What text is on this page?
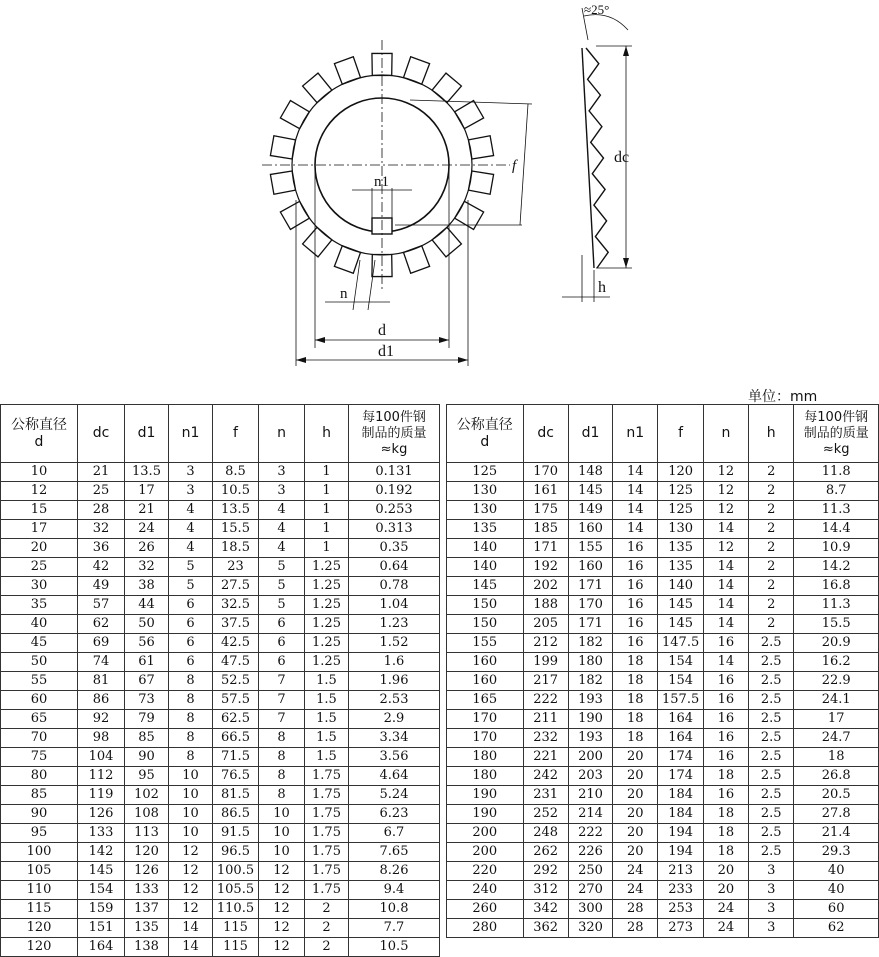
n1
f
n
d
d1
dc
h
≈25°
单位：mm
公称直径
d	dc	d1	n1	f	n	h	每100件钢
制品的质量
≈kg
10	21	13.5	3	8.5	3	1	0.131
12	25	17	3	10.5	3	1	0.192
15	28	21	4	13.5	4	1	0.253
17	32	24	4	15.5	4	1	0.313
20	36	26	4	18.5	4	1	0.35
25	42	32	5	23	5	1.25	0.64
30	49	38	5	27.5	5	1.25	0.78
35	57	44	6	32.5	5	1.25	1.04
40	62	50	6	37.5	6	1.25	1.23
45	69	56	6	42.5	6	1.25	1.52
50	74	61	6	47.5	6	1.25	1.6
55	81	67	8	52.5	7	1.5	1.96
60	86	73	8	57.5	7	1.5	2.53
65	92	79	8	62.5	7	1.5	2.9
70	98	85	8	66.5	8	1.5	3.34
75	104	90	8	71.5	8	1.5	3.56
80	112	95	10	76.5	8	1.75	4.64
85	119	102	10	81.5	8	1.75	5.24
90	126	108	10	86.5	10	1.75	6.23
95	133	113	10	91.5	10	1.75	6.7
100	142	120	12	96.5	10	1.75	7.65
105	145	126	12	100.5	12	1.75	8.26
110	154	133	12	105.5	12	1.75	9.4
115	159	137	12	110.5	12	2	10.8
120	151	135	14	115	12	2	7.7
120	164	138	14	115	12	2	10.5
公称直径
d	dc	d1	n1	f	n	h	每100件钢
制品的质量
≈kg
125	170	148	14	120	12	2	11.8
130	161	145	14	125	12	2	8.7
130	175	149	14	125	12	2	11.3
135	185	160	14	130	14	2	14.4
140	171	155	16	135	12	2	10.9
140	192	160	16	135	14	2	14.2
145	202	171	16	140	14	2	16.8
150	188	170	16	145	14	2	11.3
150	205	171	16	145	14	2	15.5
155	212	182	16	147.5	16	2.5	20.9
160	199	180	18	154	14	2.5	16.2
160	217	182	18	154	16	2.5	22.9
165	222	193	18	157.5	16	2.5	24.1
170	211	190	18	164	16	2.5	17
170	232	193	18	164	16	2.5	24.7
180	221	200	20	174	16	2.5	18
180	242	203	20	174	18	2.5	26.8
190	231	210	20	184	16	2.5	20.5
190	252	214	20	184	18	2.5	27.8
200	248	222	20	194	18	2.5	21.4
200	262	226	20	194	18	2.5	29.3
220	292	250	24	213	20	3	40
240	312	270	24	233	20	3	40
260	342	300	28	253	24	3	60
280	362	320	28	273	24	3	62
